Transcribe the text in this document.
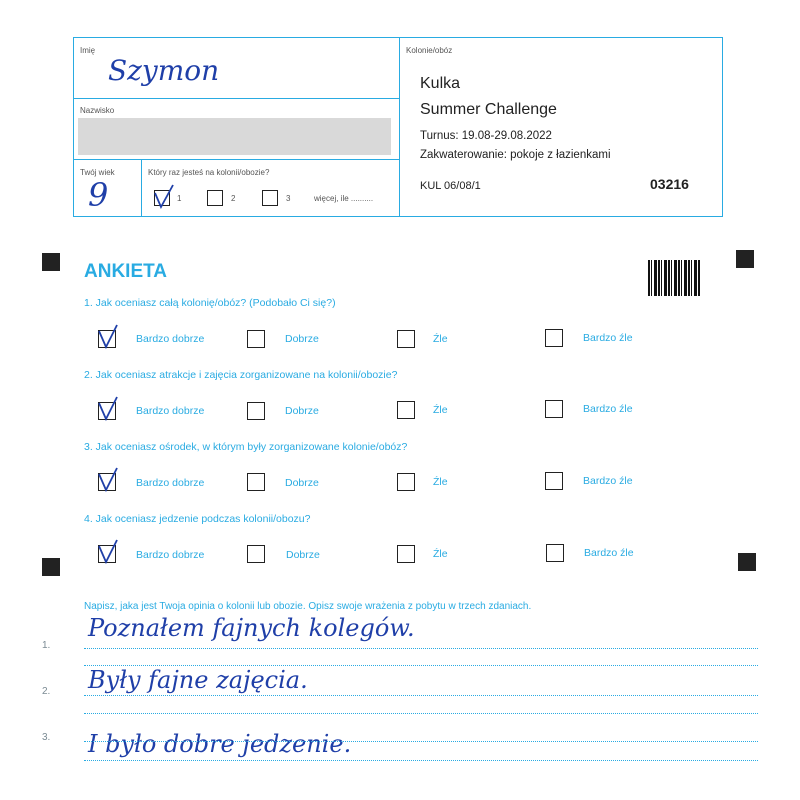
Imię
Szymon
Nazwisko
Twój wiek
9
Który raz jesteś na kolonii/obozie?
1	2	3	więcej, ile ..........
Kolonie/obóz
Kulka
Summer Challenge
Turnus: 19.08-29.08.2022
Zakwaterowanie: pokoje z łazienkami
KUL 06/08/1	03216
ANKIETA
1. Jak oceniasz całą kolonię/obóz? (Podobało Ci się?)
Bardzo dobrze	Dobrze	Źle	Bardzo źle
2. Jak oceniasz atrakcje i zajęcia zorganizowane na kolonii/obozie?
Bardzo dobrze	Dobrze	Źle	Bardzo źle
3. Jak oceniasz ośrodek, w którym były zorganizowane kolonie/obóz?
Bardzo dobrze	Dobrze	Źle	Bardzo źle
4. Jak oceniasz jedzenie podczas kolonii/obozu?
Bardzo dobrze	Dobrze	Źle	Bardzo źle
Napisz, jaka jest Twoja opinia o kolonii lub obozie. Opisz swoje wrażenia z pobytu w trzech zdaniach.
1.
Poznałem fajnych kolegów.
2. Były fajne zajęcia.
3. I było dobre jedzenie.
